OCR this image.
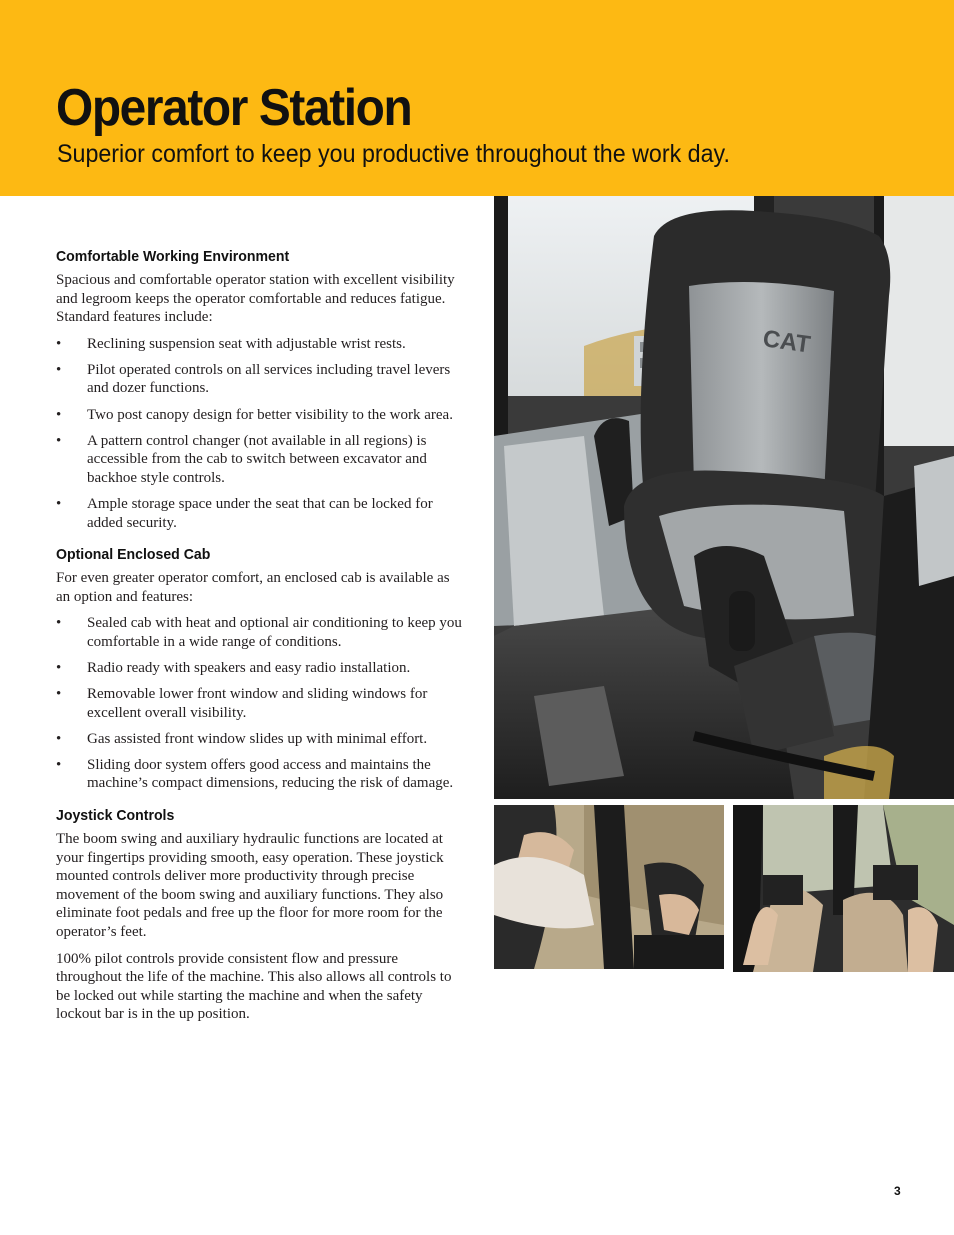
Operator Station
Superior comfort to keep you productive throughout the work day.
Comfortable Working Environment

Spacious and comfortable operator station with excellent visibility and legroom keeps the operator comfortable and reduces fatigue. Standard features include:

• Reclining suspension seat with adjustable wrist rests.
• Pilot operated controls on all services including travel levers and dozer functions.
• Two post canopy design for better visibility to the work area.
• A pattern control changer (not available in all regions) is accessible from the cab to switch between excavator and backhoe style controls.
• Ample storage space under the seat that can be locked for added security.
Optional Enclosed Cab

For even greater operator comfort, an enclosed cab is available as an option and features:

• Sealed cab with heat and optional air conditioning to keep you comfortable in a wide range of conditions.
• Radio ready with speakers and easy radio installation.
• Removable lower front window and sliding windows for excellent overall visibility.
• Gas assisted front window slides up with minimal effort.
• Sliding door system offers good access and maintains the machine’s compact dimensions, reducing the risk of damage.
Joystick Controls

The boom swing and auxiliary hydraulic functions are located at your fingertips providing smooth, easy operation. These joystick mounted controls deliver more productivity through precise movement of the boom swing and auxiliary functions. They also eliminate foot pedals and free up the floor for more room for the operator’s feet.

100% pilot controls provide consistent flow and pressure throughout the life of the machine. This also allows all controls to be locked out while starting the machine and when the safety lockout bar is in the up position.

CAT
3
